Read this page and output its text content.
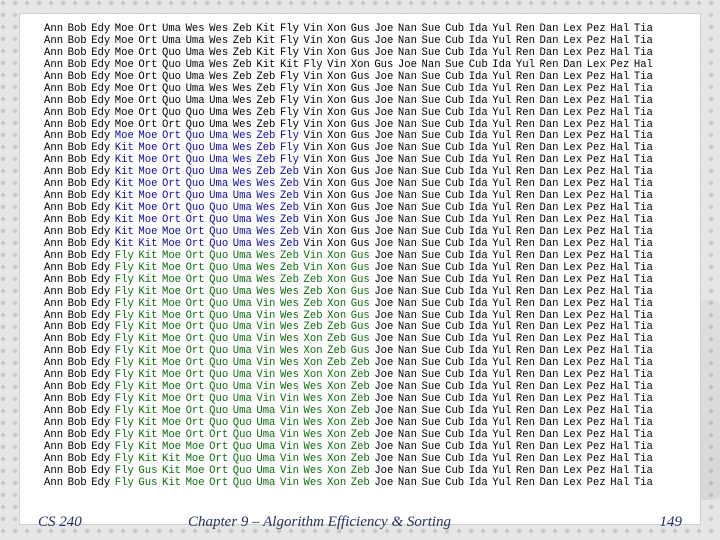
Ann Bob Edy Moe Ort Uma Wes Wes Zeb Kit Fly Vin Xon Gus Joe Nan Sue Cub Ida Yul Ren Dan Lex Pez Hal Tia
Ann Bob Edy Moe Ort Uma Uma Wes Zeb Kit Fly Vin Xon Gus Joe Nan Sue Cub Ida Yul Ren Dan Lex Pez Hal Tia
Ann Bob Edy Moe Ort Quo Uma Wes Zeb Kit Fly Vin Xon Gus Joe Nan Sue Cub Ida Yul Ren Dan Lex Pez Hal Tia
Ann Bob Edy Moe Ort Quo Uma Wes Zeb Kit Kit Fly Vin Xon Gus Joe Nan Sue Cub Ida Yul Ren Dan Lex Pez Hal
Ann Bob Edy Moe Ort Quo Uma Wes Zeb Zeb Fly Vin Xon Gus Joe Nan Sue Cub Ida Yul Ren Dan Lex Pez Hal Tia
Ann Bob Edy Moe Ort Quo Uma Wes Wes Zeb Fly Vin Xon Gus Joe Nan Sue Cub Ida Yul Ren Dan Lex Pez Hal Tia
Ann Bob Edy Moe Ort Quo Uma Uma Wes Zeb Fly Vin Xon Gus Joe Nan Sue Cub Ida Yul Ren Dan Lex Pez Hal Tia
Ann Bob Edy Moe Ort Quo Quo Uma Wes Zeb Fly Vin Xon Gus Joe Nan Sue Cub Ida Yul Ren Dan Lex Pez Hal Tia
Ann Bob Edy Moe Ort Ort Quo Uma Wes Zeb Fly Vin Xon Gus Joe Nan Sue Cub Ida Yul Ren Dan Lex Pez Hal Tia
Ann Bob Edy Moe Moe Ort Quo Uma Wes Zeb Fly Vin Xon Gus Joe Nan Sue Cub Ida Yul Ren Dan Lex Pez Hal Tia
Ann Bob Edy Kit Moe Ort Quo Uma Wes Zeb Fly Vin Xon Gus Joe Nan Sue Cub Ida Yul Ren Dan Lex Pez Hal Tia
Ann Bob Edy Kit Moe Ort Quo Uma Wes Zeb Fly Vin Xon Gus Joe Nan Sue Cub Ida Yul Ren Dan Lex Pez Hal Tia
Ann Bob Edy Kit Moe Ort Quo Uma Wes Zeb Zeb Vin Xon Gus Joe Nan Sue Cub Ida Yul Ren Dan Lex Pez Hal Tia
Ann Bob Edy Kit Moe Ort Quo Uma Wes Wes Zeb Vin Xon Gus Joe Nan Sue Cub Ida Yul Ren Dan Lex Pez Hal Tia
Ann Bob Edy Kit Moe Ort Quo Uma Uma Wes Zeb Vin Xon Gus Joe Nan Sue Cub Ida Yul Ren Dan Lex Pez Hal Tia
Ann Bob Edy Kit Moe Ort Quo Quo Uma Wes Zeb Vin Xon Gus Joe Nan Sue Cub Ida Yul Ren Dan Lex Pez Hal Tia
Ann Bob Edy Kit Moe Ort Ort Quo Uma Wes Zeb Vin Xon Gus Joe Nan Sue Cub Ida Yul Ren Dan Lex Pez Hal Tia
Ann Bob Edy Kit Moe Moe Ort Quo Uma Wes Zeb Vin Xon Gus Joe Nan Sue Cub Ida Yul Ren Dan Lex Pez Hal Tia
Ann Bob Edy Kit Kit Moe Ort Quo Uma Wes Zeb Vin Xon Gus Joe Nan Sue Cub Ida Yul Ren Dan Lex Pez Hal Tia
Ann Bob Edy Fly Kit Moe Ort Quo Uma Wes Zeb Vin Xon Gus Joe Nan Sue Cub Ida Yul Ren Dan Lex Pez Hal Tia
Ann Bob Edy Fly Kit Moe Ort Quo Uma Wes Zeb Vin Xon Gus Joe Nan Sue Cub Ida Yul Ren Dan Lex Pez Hal Tia
Ann Bob Edy Fly Kit Moe Ort Quo Uma Wes Zeb Zeb Xon Gus Joe Nan Sue Cub Ida Yul Ren Dan Lex Pez Hal Tia
Ann Bob Edy Fly Kit Moe Ort Quo Uma Wes Wes Zeb Xon Gus Joe Nan Sue Cub Ida Yul Ren Dan Lex Pez Hal Tia
Ann Bob Edy Fly Kit Moe Ort Quo Uma Vin Wes Zeb Xon Gus Joe Nan Sue Cub Ida Yul Ren Dan Lex Pez Hal Tia
Ann Bob Edy Fly Kit Moe Ort Quo Uma Vin Wes Zeb Xon Gus Joe Nan Sue Cub Ida Yul Ren Dan Lex Pez Hal Tia
Ann Bob Edy Fly Kit Moe Ort Quo Uma Vin Wes Zeb Zeb Gus Joe Nan Sue Cub Ida Yul Ren Dan Lex Pez Hal Tia
Ann Bob Edy Fly Kit Moe Ort Quo Uma Vin Wes Xon Zeb Gus Joe Nan Sue Cub Ida Yul Ren Dan Lex Pez Hal Tia
Ann Bob Edy Fly Kit Moe Ort Quo Uma Vin Wes Xon Zeb Gus Joe Nan Sue Cub Ida Yul Ren Dan Lex Pez Hal Tia
Ann Bob Edy Fly Kit Moe Ort Quo Uma Vin Wes Xon Zeb Zeb Joe Nan Sue Cub Ida Yul Ren Dan Lex Pez Hal Tia
Ann Bob Edy Fly Kit Moe Ort Quo Uma Vin Wes Xon Xon Zeb Joe Nan Sue Cub Ida Yul Ren Dan Lex Pez Hal Tia
Ann Bob Edy Fly Kit Moe Ort Quo Uma Vin Wes Wes Xon Zeb Joe Nan Sue Cub Ida Yul Ren Dan Lex Pez Hal Tia
Ann Bob Edy Fly Kit Moe Ort Quo Uma Vin Vin Wes Xon Zeb Joe Nan Sue Cub Ida Yul Ren Dan Lex Pez Hal Tia
Ann Bob Edy Fly Kit Moe Ort Quo Uma Uma Vin Wes Xon Zeb Joe Nan Sue Cub Ida Yul Ren Dan Lex Pez Hal Tia
Ann Bob Edy Fly Kit Moe Ort Quo Quo Uma Vin Wes Xon Zeb Joe Nan Sue Cub Ida Yul Ren Dan Lex Pez Hal Tia
Ann Bob Edy Fly Kit Moe Ort Ort Quo Uma Vin Wes Xon Zeb Joe Nan Sue Cub Ida Yul Ren Dan Lex Pez Hal Tia
Ann Bob Edy Fly Kit Moe Moe Ort Quo Uma Vin Wes Xon Zeb Joe Nan Sue Cub Ida Yul Ren Dan Lex Pez Hal Tia
Ann Bob Edy Fly Kit Kit Moe Ort Quo Uma Vin Wes Xon Zeb Joe Nan Sue Cub Ida Yul Ren Dan Lex Pez Hal Tia
Ann Bob Edy Fly Gus Kit Moe Ort Quo Uma Vin Wes Xon Zeb Joe Nan Sue Cub Ida Yul Ren Dan Lex Pez Hal Tia
Ann Bob Edy Fly Gus Kit Moe Ort Quo Uma Vin Wes Xon Zeb Joe Nan Sue Cub Ida Yul Ren Dan Lex Pez Hal Tia
CS 240	Chapter 9 – Algorithm Efficiency & Sorting	149
